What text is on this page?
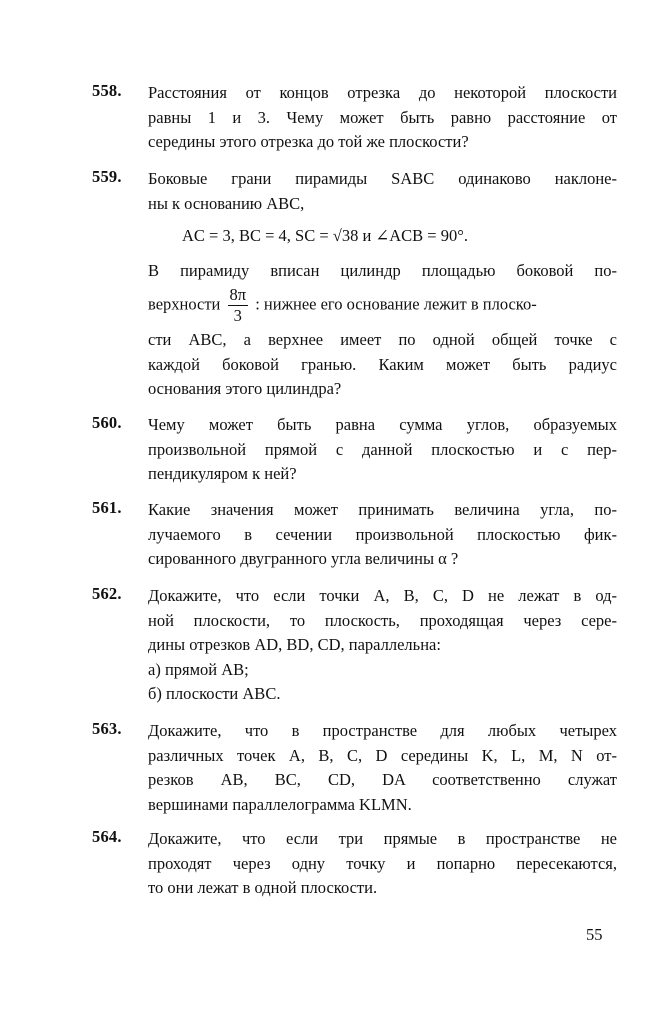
558. Расстояния от концов отрезка до некоторой плоскости
равны 1 и 3. Чему может быть равно расстояние от
середины этого отрезка до той же плоскости?
559. Боковые грани пирамиды SABC одинаково наклоне-
ны к основанию ABC,
AC = 3, BC = 4, SC = √38 и ∠ACB = 90°.
В пирамиду вписан цилиндр площадью боковой по-
верхности $\frac{8\pi}{3}$ : нижнее его основание лежит в плоско-
сти ABC, а верхнее имеет по одной общей точке с
каждой боковой гранью. Каким может быть радиус
основания этого цилиндра?
560. Чему может быть равна сумма углов, образуемых
произвольной прямой с данной плоскостью и с пер-
пендикуляром к ней?
561. Какие значения может принимать величина угла, по-
лучаемого в сечении произвольной плоскостью фик-
сированного двугранного угла величины α ?
562. Докажите, что если точки A, B, C, D не лежат в од-
ной плоскости, то плоскость, проходящая через сере-
дины отрезков AD, BD, CD, параллельна:
а) прямой AB;
б) плоскости ABC.
563. Докажите, что в пространстве для любых четырех
различных точек A, B, C, D середины K, L, M, N от-
резков AB, BC, CD, DA соответственно служат
вершинами параллелограмма KLMN.
564. Докажите, что если три прямые в пространстве не
проходят через одну точку и попарно пересекаются,
то они лежат в одной плоскости.
55
